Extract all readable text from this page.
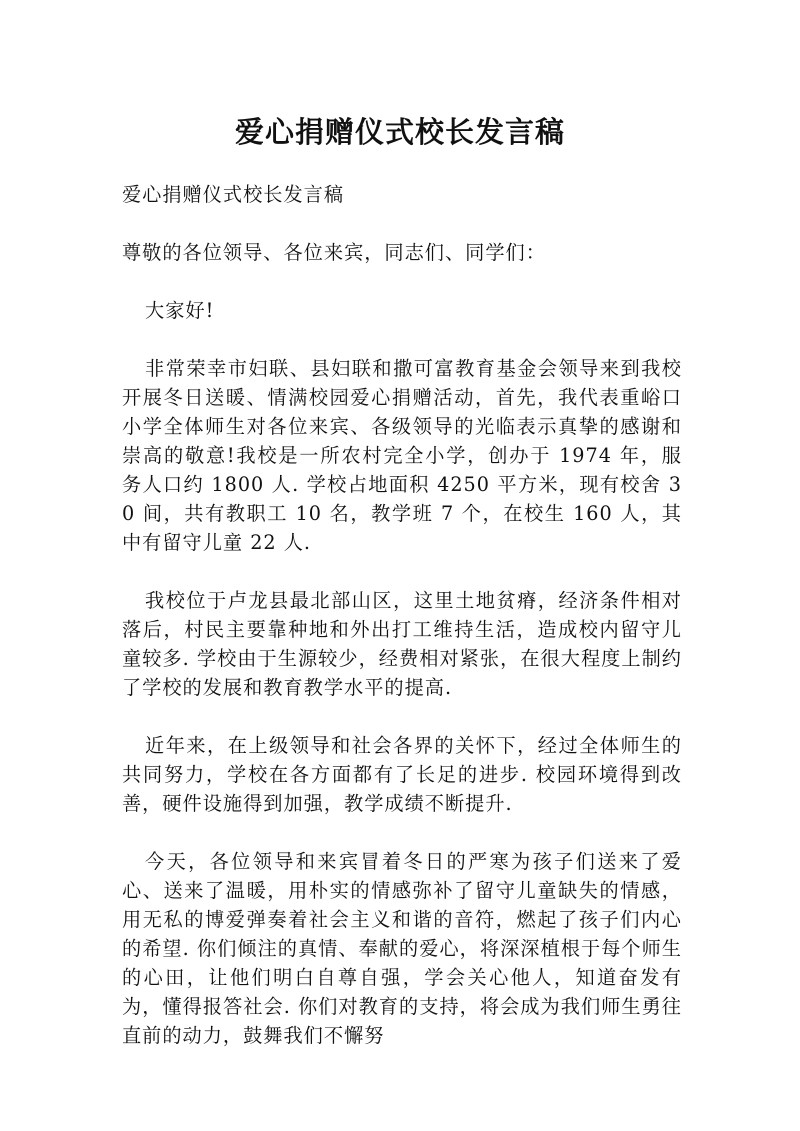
爱心捐赠仪式校长发言稿

爱心捐赠仪式校长发言稿

尊敬的各位领导、各位来宾，同志们、同学们：

大家好!

非常荣幸市妇联、县妇联和撒可富教育基金会领导来到我校开展冬日送暖、情满校园爱心捐赠活动，首先，我代表重峪口小学全体师生对各位来宾、各级领导的光临表示真挚的感谢和崇高的敬意!我校是一所农村完全小学，创办于 1974 年，服务人口约 1800 人. 学校占地面积 4250 平方米，现有校舍 30 间，共有教职工 10 名，教学班 7 个，在校生 160 人，其中有留守儿童 22 人.

我校位于卢龙县最北部山区，这里土地贫瘠，经济条件相对落后，村民主要靠种地和外出打工维持生活，造成校内留守儿童较多. 学校由于生源较少，经费相对紧张，在很大程度上制约了学校的发展和教育教学水平的提高.

近年来，在上级领导和社会各界的关怀下，经过全体师生的共同努力，学校在各方面都有了长足的进步. 校园环境得到改善，硬件设施得到加强，教学成绩不断提升.

今天，各位领导和来宾冒着冬日的严寒为孩子们送来了爱心、送来了温暖，用朴实的情感弥补了留守儿童缺失的情感，用无私的博爱弹奏着社会主义和谐的音符，燃起了孩子们内心的希望. 你们倾注的真情、奉献的爱心，将深深植根于每个师生的心田，让他们明白自尊自强，学会关心他人，知道奋发有为，懂得报答社会. 你们对教育的支持，将会成为我们师生勇往直前的动力，鼓舞我们不懈努
